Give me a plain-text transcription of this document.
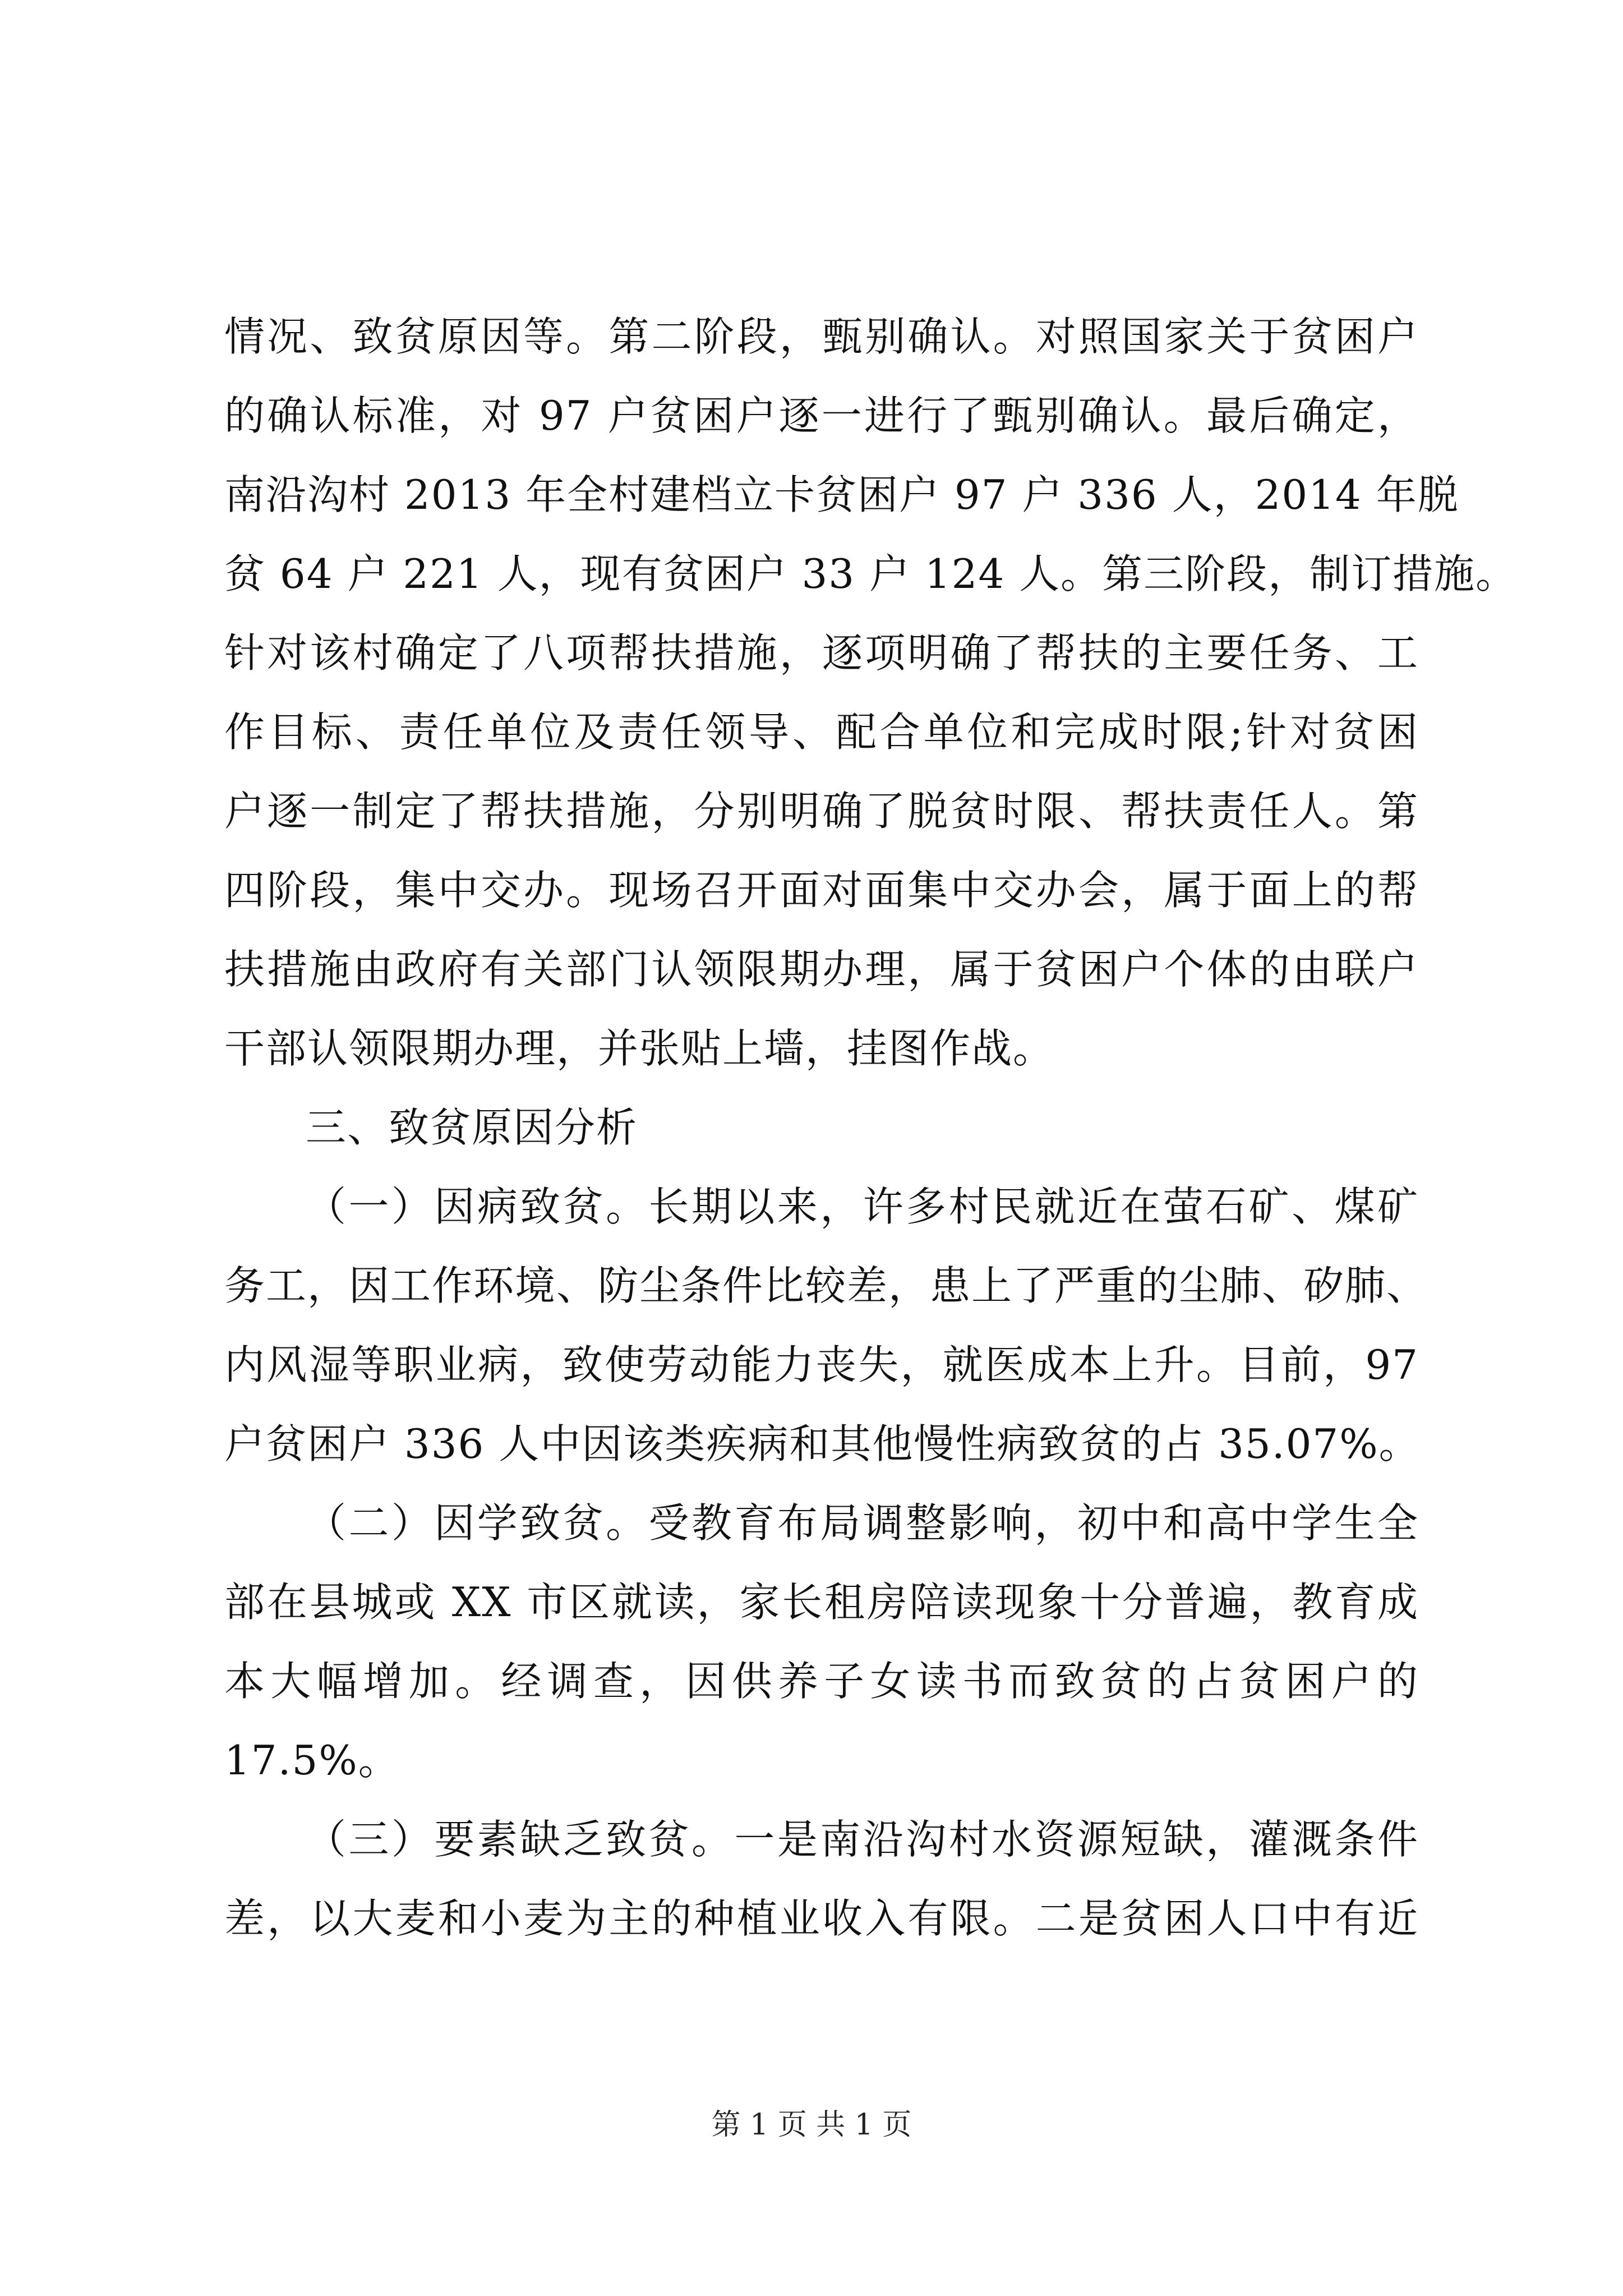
情况、致贫原因等。第二阶段，甄别确认。对照国家关于贫困户
的确认标准，对 97 户贫困户逐一进行了甄别确认。最后确定，
南沿沟村 2013 年全村建档立卡贫困户 97 户 336 人，2014 年脱
贫 64 户 221 人，现有贫困户 33 户 124 人。第三阶段，制订措施。
针对该村确定了八项帮扶措施，逐项明确了帮扶的主要任务、工
作目标、责任单位及责任领导、配合单位和完成时限;针对贫困
户逐一制定了帮扶措施，分别明确了脱贫时限、帮扶责任人。第
四阶段，集中交办。现场召开面对面集中交办会，属于面上的帮
扶措施由政府有关部门认领限期办理，属于贫困户个体的由联户
干部认领限期办理，并张贴上墙，挂图作战。
三、致贫原因分析
（一）因病致贫。长期以来，许多村民就近在萤石矿、煤矿
务工，因工作环境、防尘条件比较差，患上了严重的尘肺、矽肺、
内风湿等职业病，致使劳动能力丧失，就医成本上升。目前，97
户贫困户 336 人中因该类疾病和其他慢性病致贫的占 35.07%。
（二）因学致贫。受教育布局调整影响，初中和高中学生全
部在县城或 XX 市区就读，家长租房陪读现象十分普遍，教育成
本大幅增加。经调查，因供养子女读书而致贫的占贫困户的
17.5%。
（三）要素缺乏致贫。一是南沿沟村水资源短缺，灌溉条件
差，以大麦和小麦为主的种植业收入有限。二是贫困人口中有近
第 1 页 共 1 页
